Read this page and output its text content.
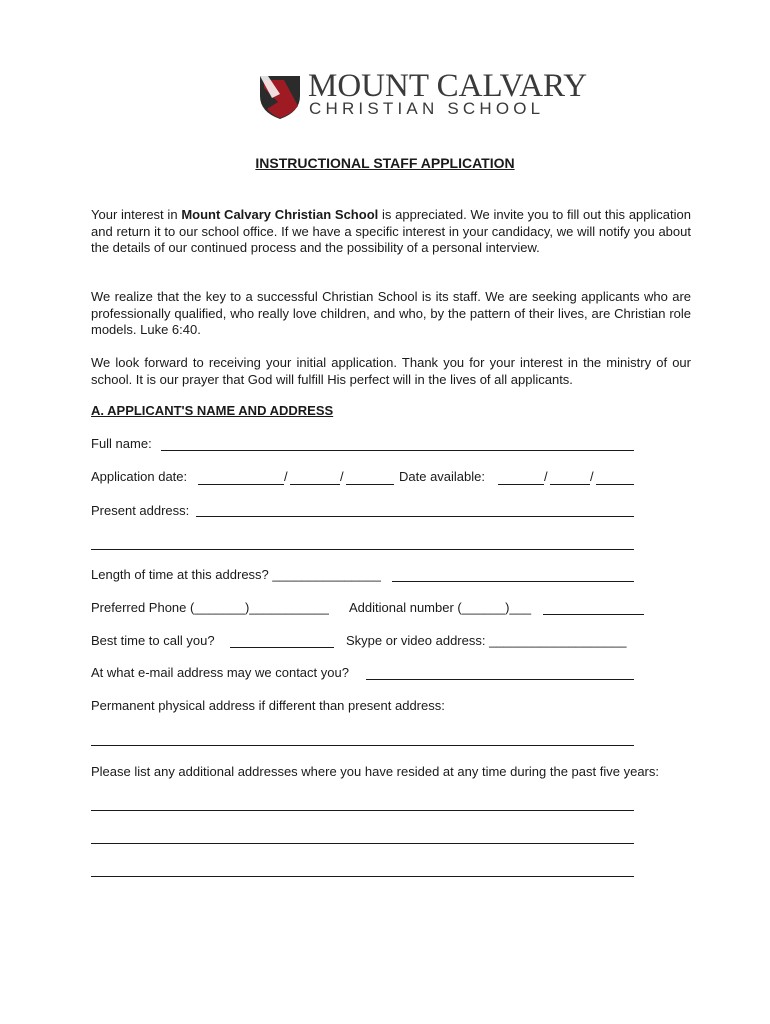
MOUNT CALVARY
CHRISTIAN SCHOOL
INSTRUCTIONAL STAFF APPLICATION
Your interest in Mount Calvary Christian School is appreciated. We invite you to fill out this application and return it to our school office. If we have a specific interest in your candidacy, we will notify you about the details of our continued process and the possibility of a personal interview.
We realize that the key to a successful Christian School is its staff. We are seeking applicants who are professionally qualified, who really love children, and who, by the pattern of their lives, are Christian role models. Luke 6:40.
We look forward to receiving your initial application. Thank you for your interest in the ministry of our school. It is our prayer that God will fulfill His perfect will in the lives of all applicants.
A. APPLICANT'S NAME AND ADDRESS
Full name:
Application date:	/	/	Date available:	/	/
Present address:
Length of time at this address? _______________
Preferred Phone (_______)___________ Additional number (______)___
Best time to call you?	Skype or video address: ___________________
At what e-mail address may we contact you?
Permanent physical address if different than present address:
Please list any additional addresses where you have resided at any time during the past five years:
